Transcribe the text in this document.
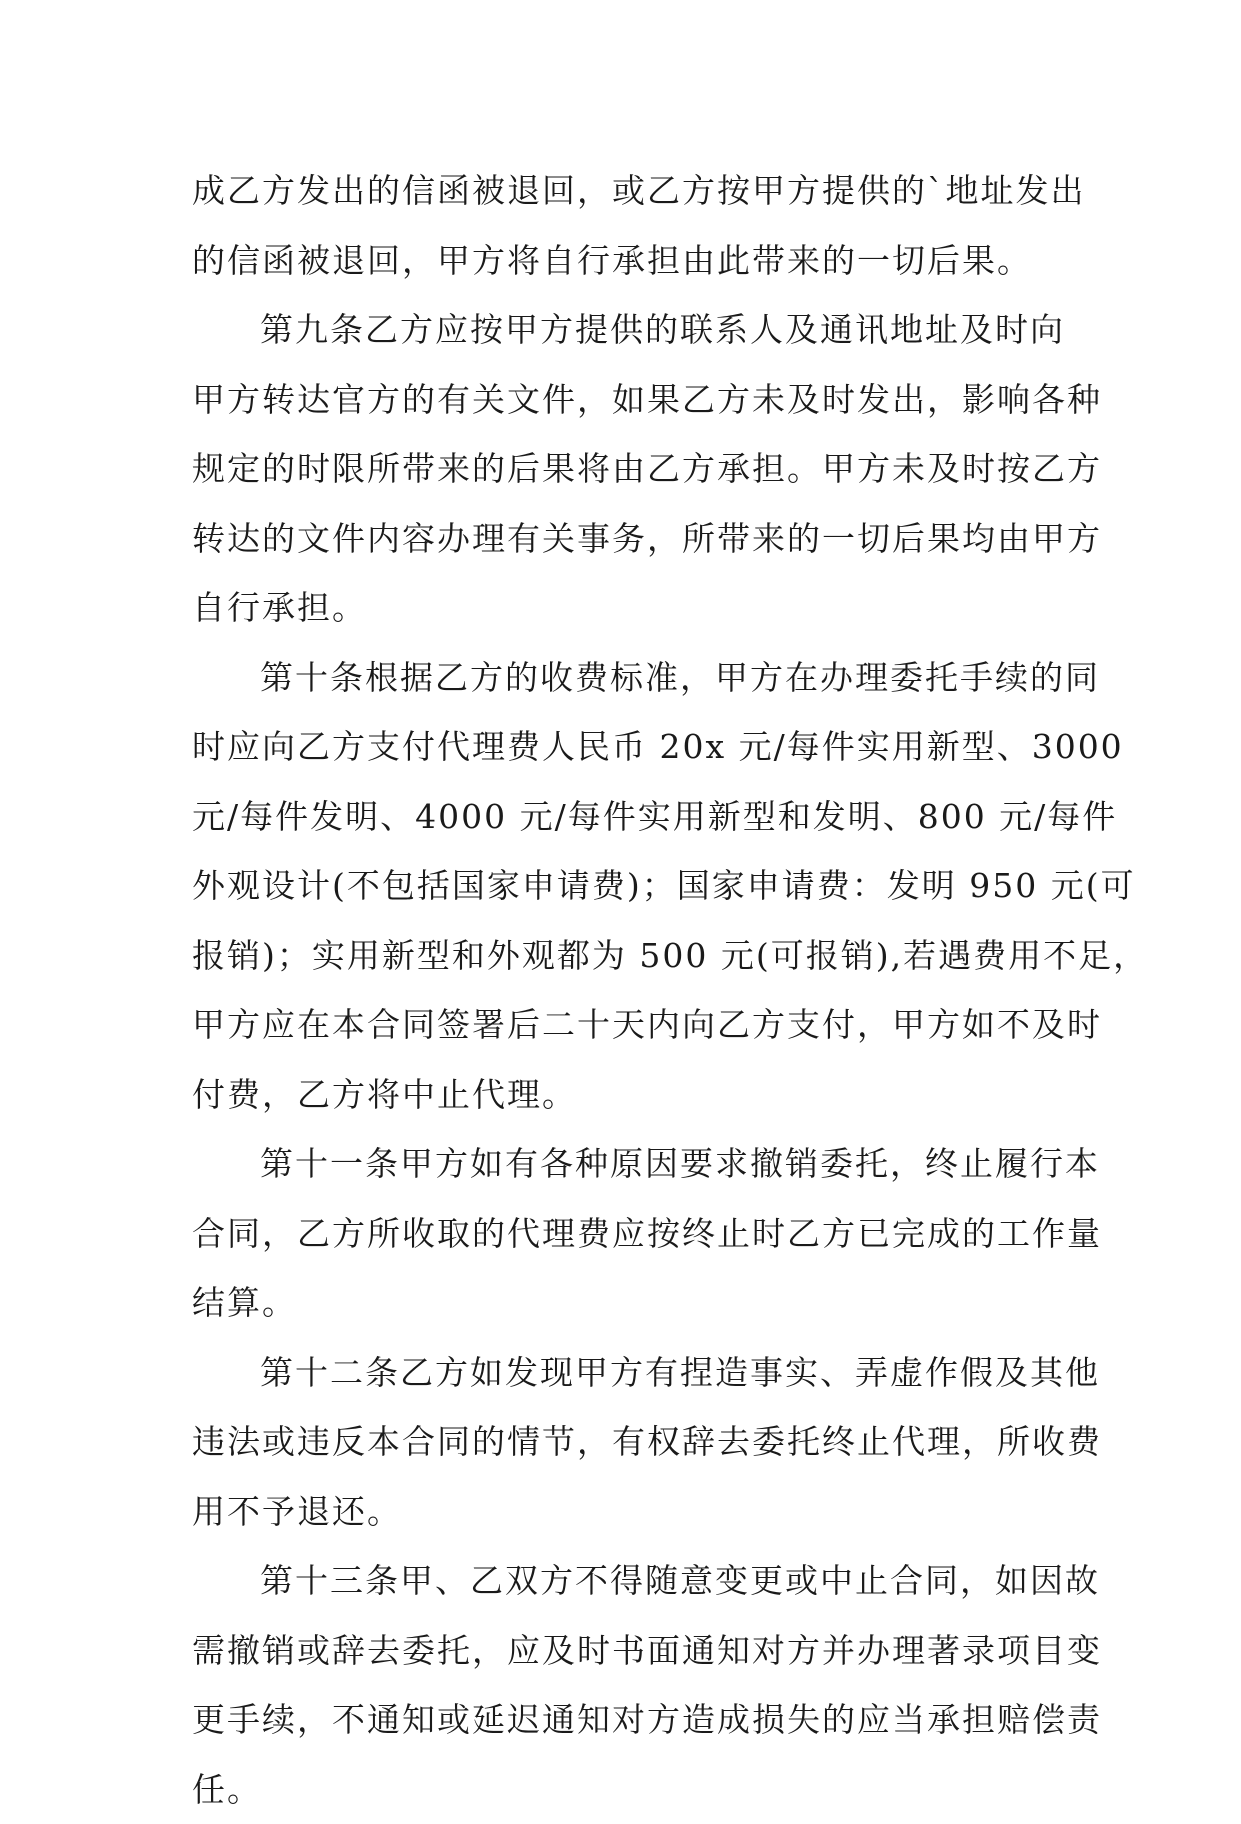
成乙方发出的信函被退回，或乙方按甲方提供的`地址发出
的信函被退回，甲方将自行承担由此带来的一切后果。
第九条乙方应按甲方提供的联系人及通讯地址及时向
甲方转达官方的有关文件，如果乙方未及时发出，影响各种
规定的时限所带来的后果将由乙方承担。甲方未及时按乙方
转达的文件内容办理有关事务，所带来的一切后果均由甲方
自行承担。
第十条根据乙方的收费标准，甲方在办理委托手续的同
时应向乙方支付代理费人民币 20x 元/每件实用新型、3000
元/每件发明、4000 元/每件实用新型和发明、800 元/每件
外观设计(不包括国家申请费)；国家申请费：发明 950 元(可
报销)；实用新型和外观都为 500 元(可报销),若遇费用不足，
甲方应在本合同签署后二十天内向乙方支付，甲方如不及时
付费，乙方将中止代理。
第十一条甲方如有各种原因要求撤销委托，终止履行本
合同，乙方所收取的代理费应按终止时乙方已完成的工作量
结算。
第十二条乙方如发现甲方有捏造事实、弄虚作假及其他
违法或违反本合同的情节，有权辞去委托终止代理，所收费
用不予退还。
第十三条甲、乙双方不得随意变更或中止合同，如因故
需撤销或辞去委托，应及时书面通知对方并办理著录项目变
更手续，不通知或延迟通知对方造成损失的应当承担赔偿责
任。
